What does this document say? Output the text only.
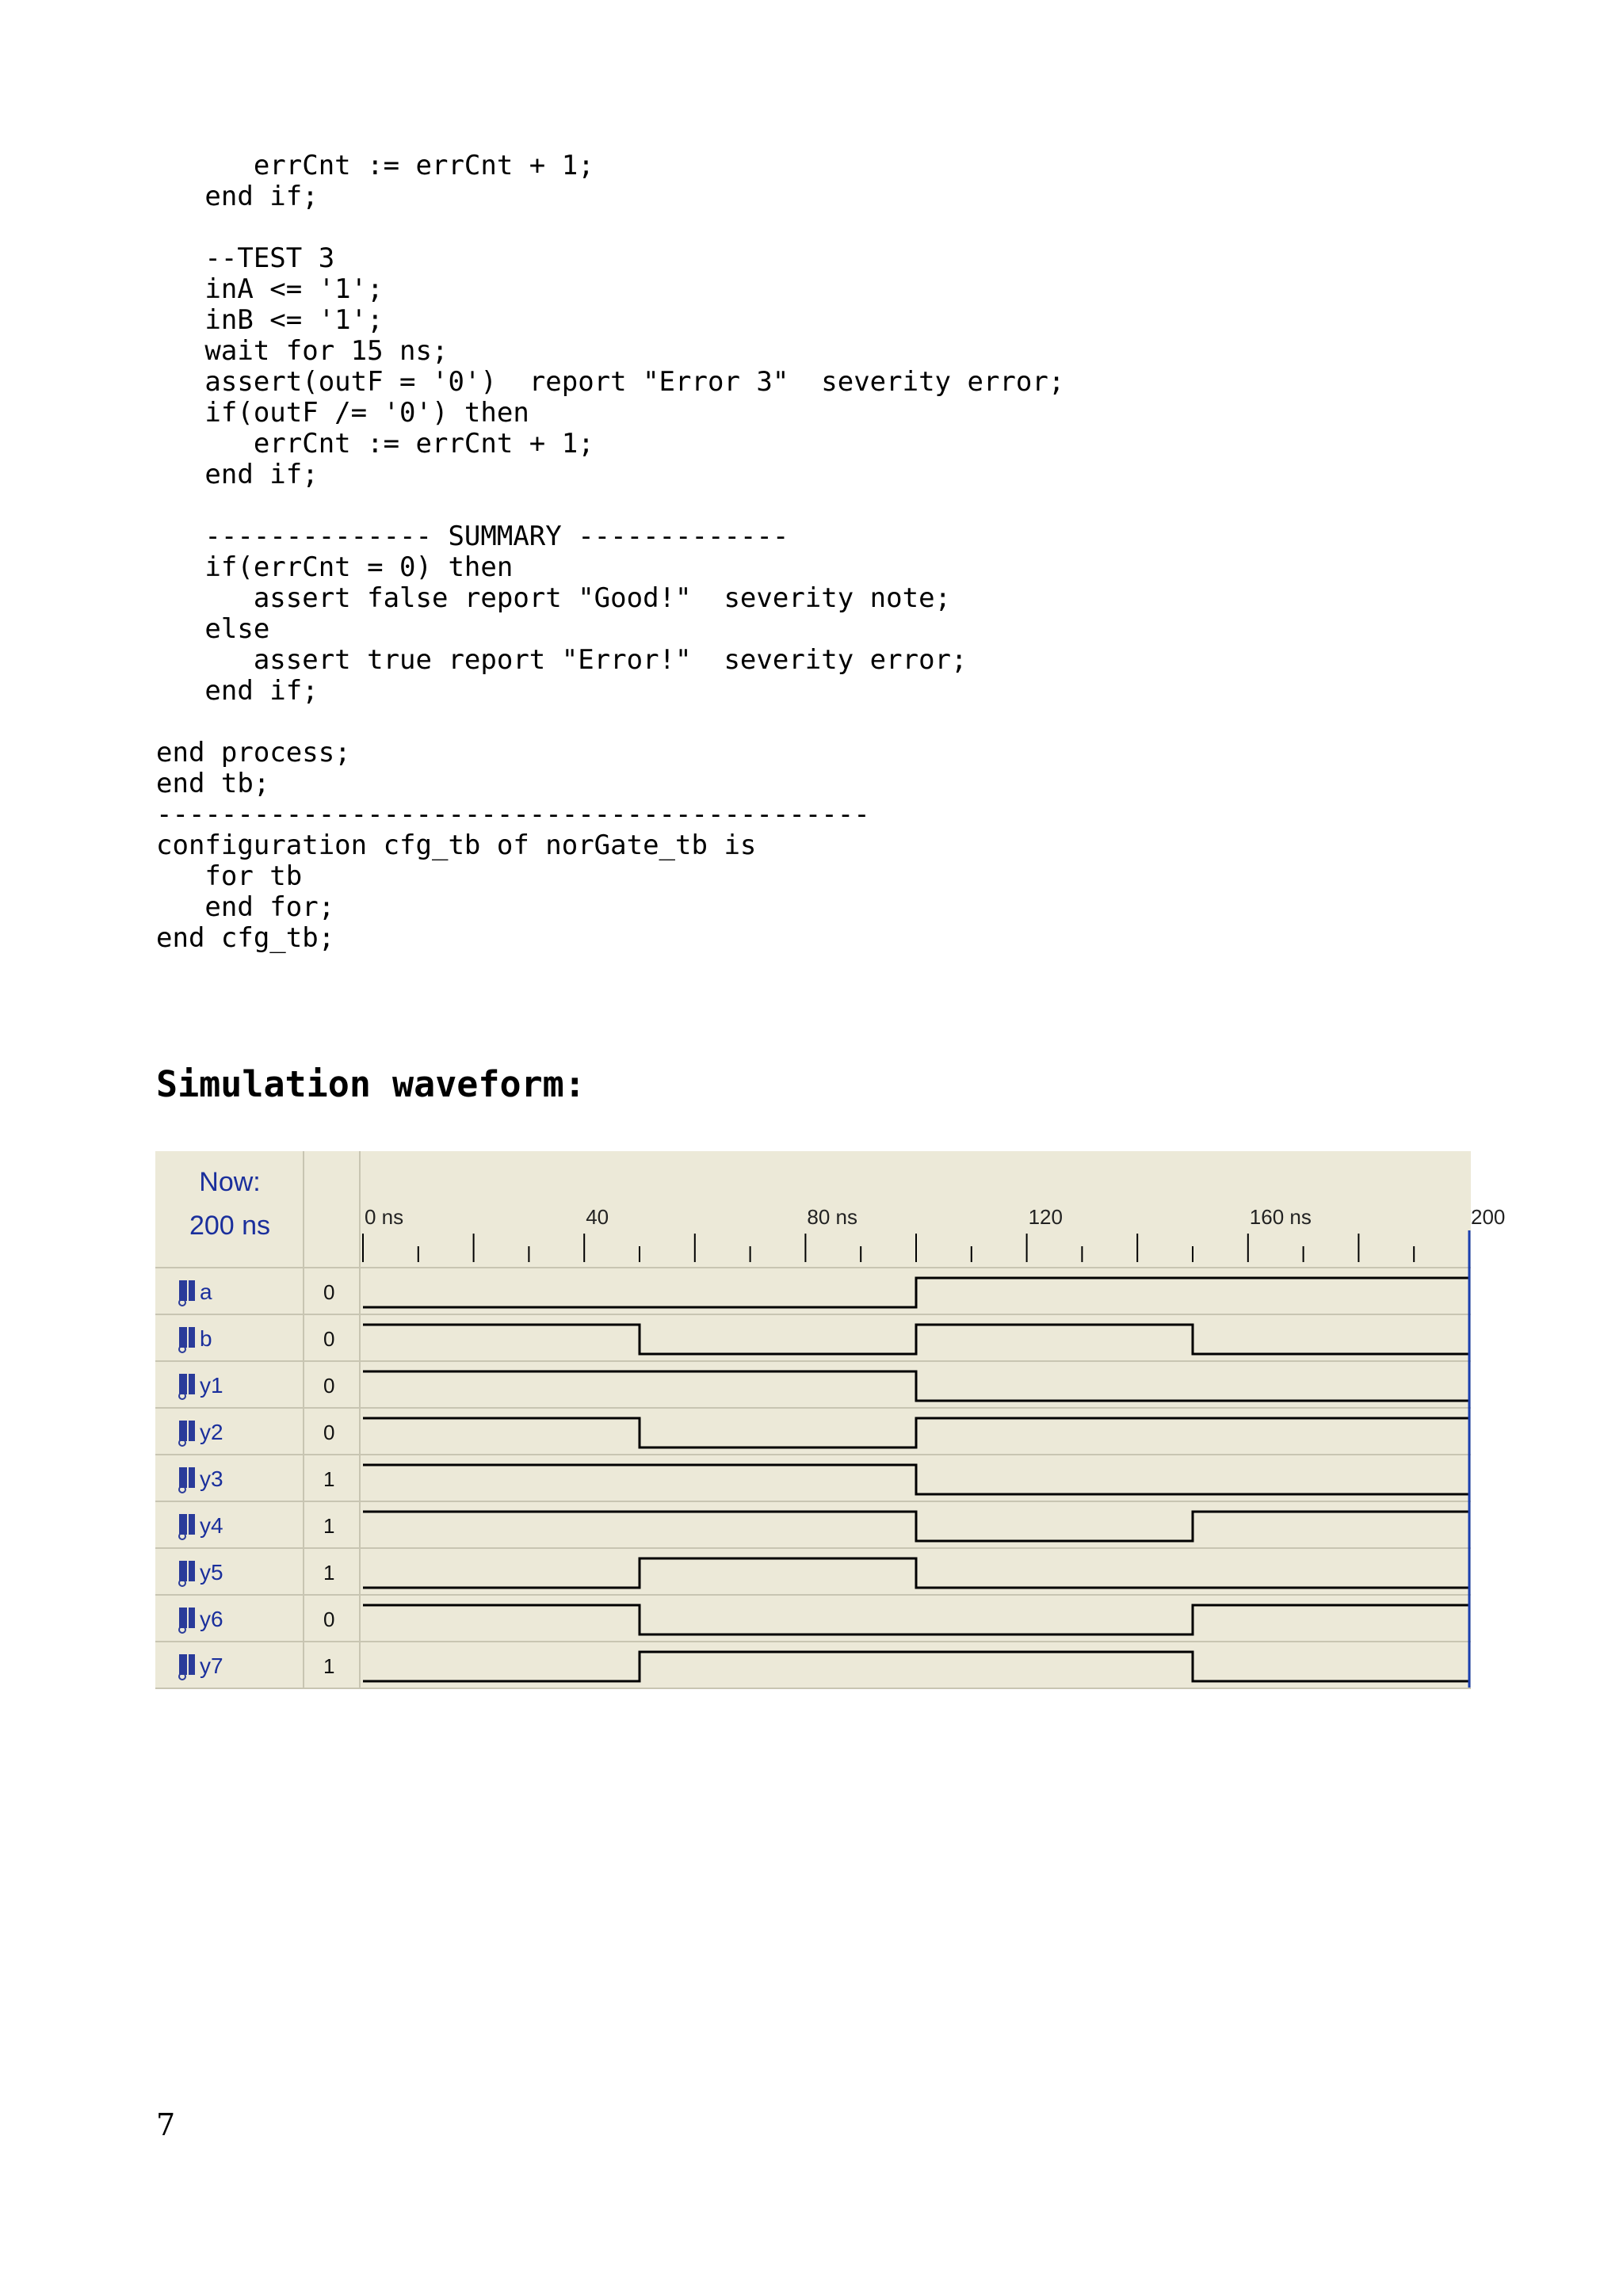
errCnt := errCnt + 1;
end if;
--TEST 3
inA <= '1';
inB <= '1';
wait for 15 ns;
assert(outF = '0')  report "Error 3"  severity error;
if(outF /= '0') then
errCnt := errCnt + 1;
end if;
-------------- SUMMARY -------------
if(errCnt = 0) then
assert false report "Good!"  severity note;
else
assert true report "Error!"  severity error;
end if;
end process;
end tb;
--------------------------------------------
configuration cfg_tb of norGate_tb is
for tb
end for;
end cfg_tb;
Simulation waveform:
Now:
200 ns	0 ns	40	80 ns	120	160 ns	200
a	0
b	0
y1	0
y2	0
y3	1
y4	1
y5	1
y6	0
y7	1
7
